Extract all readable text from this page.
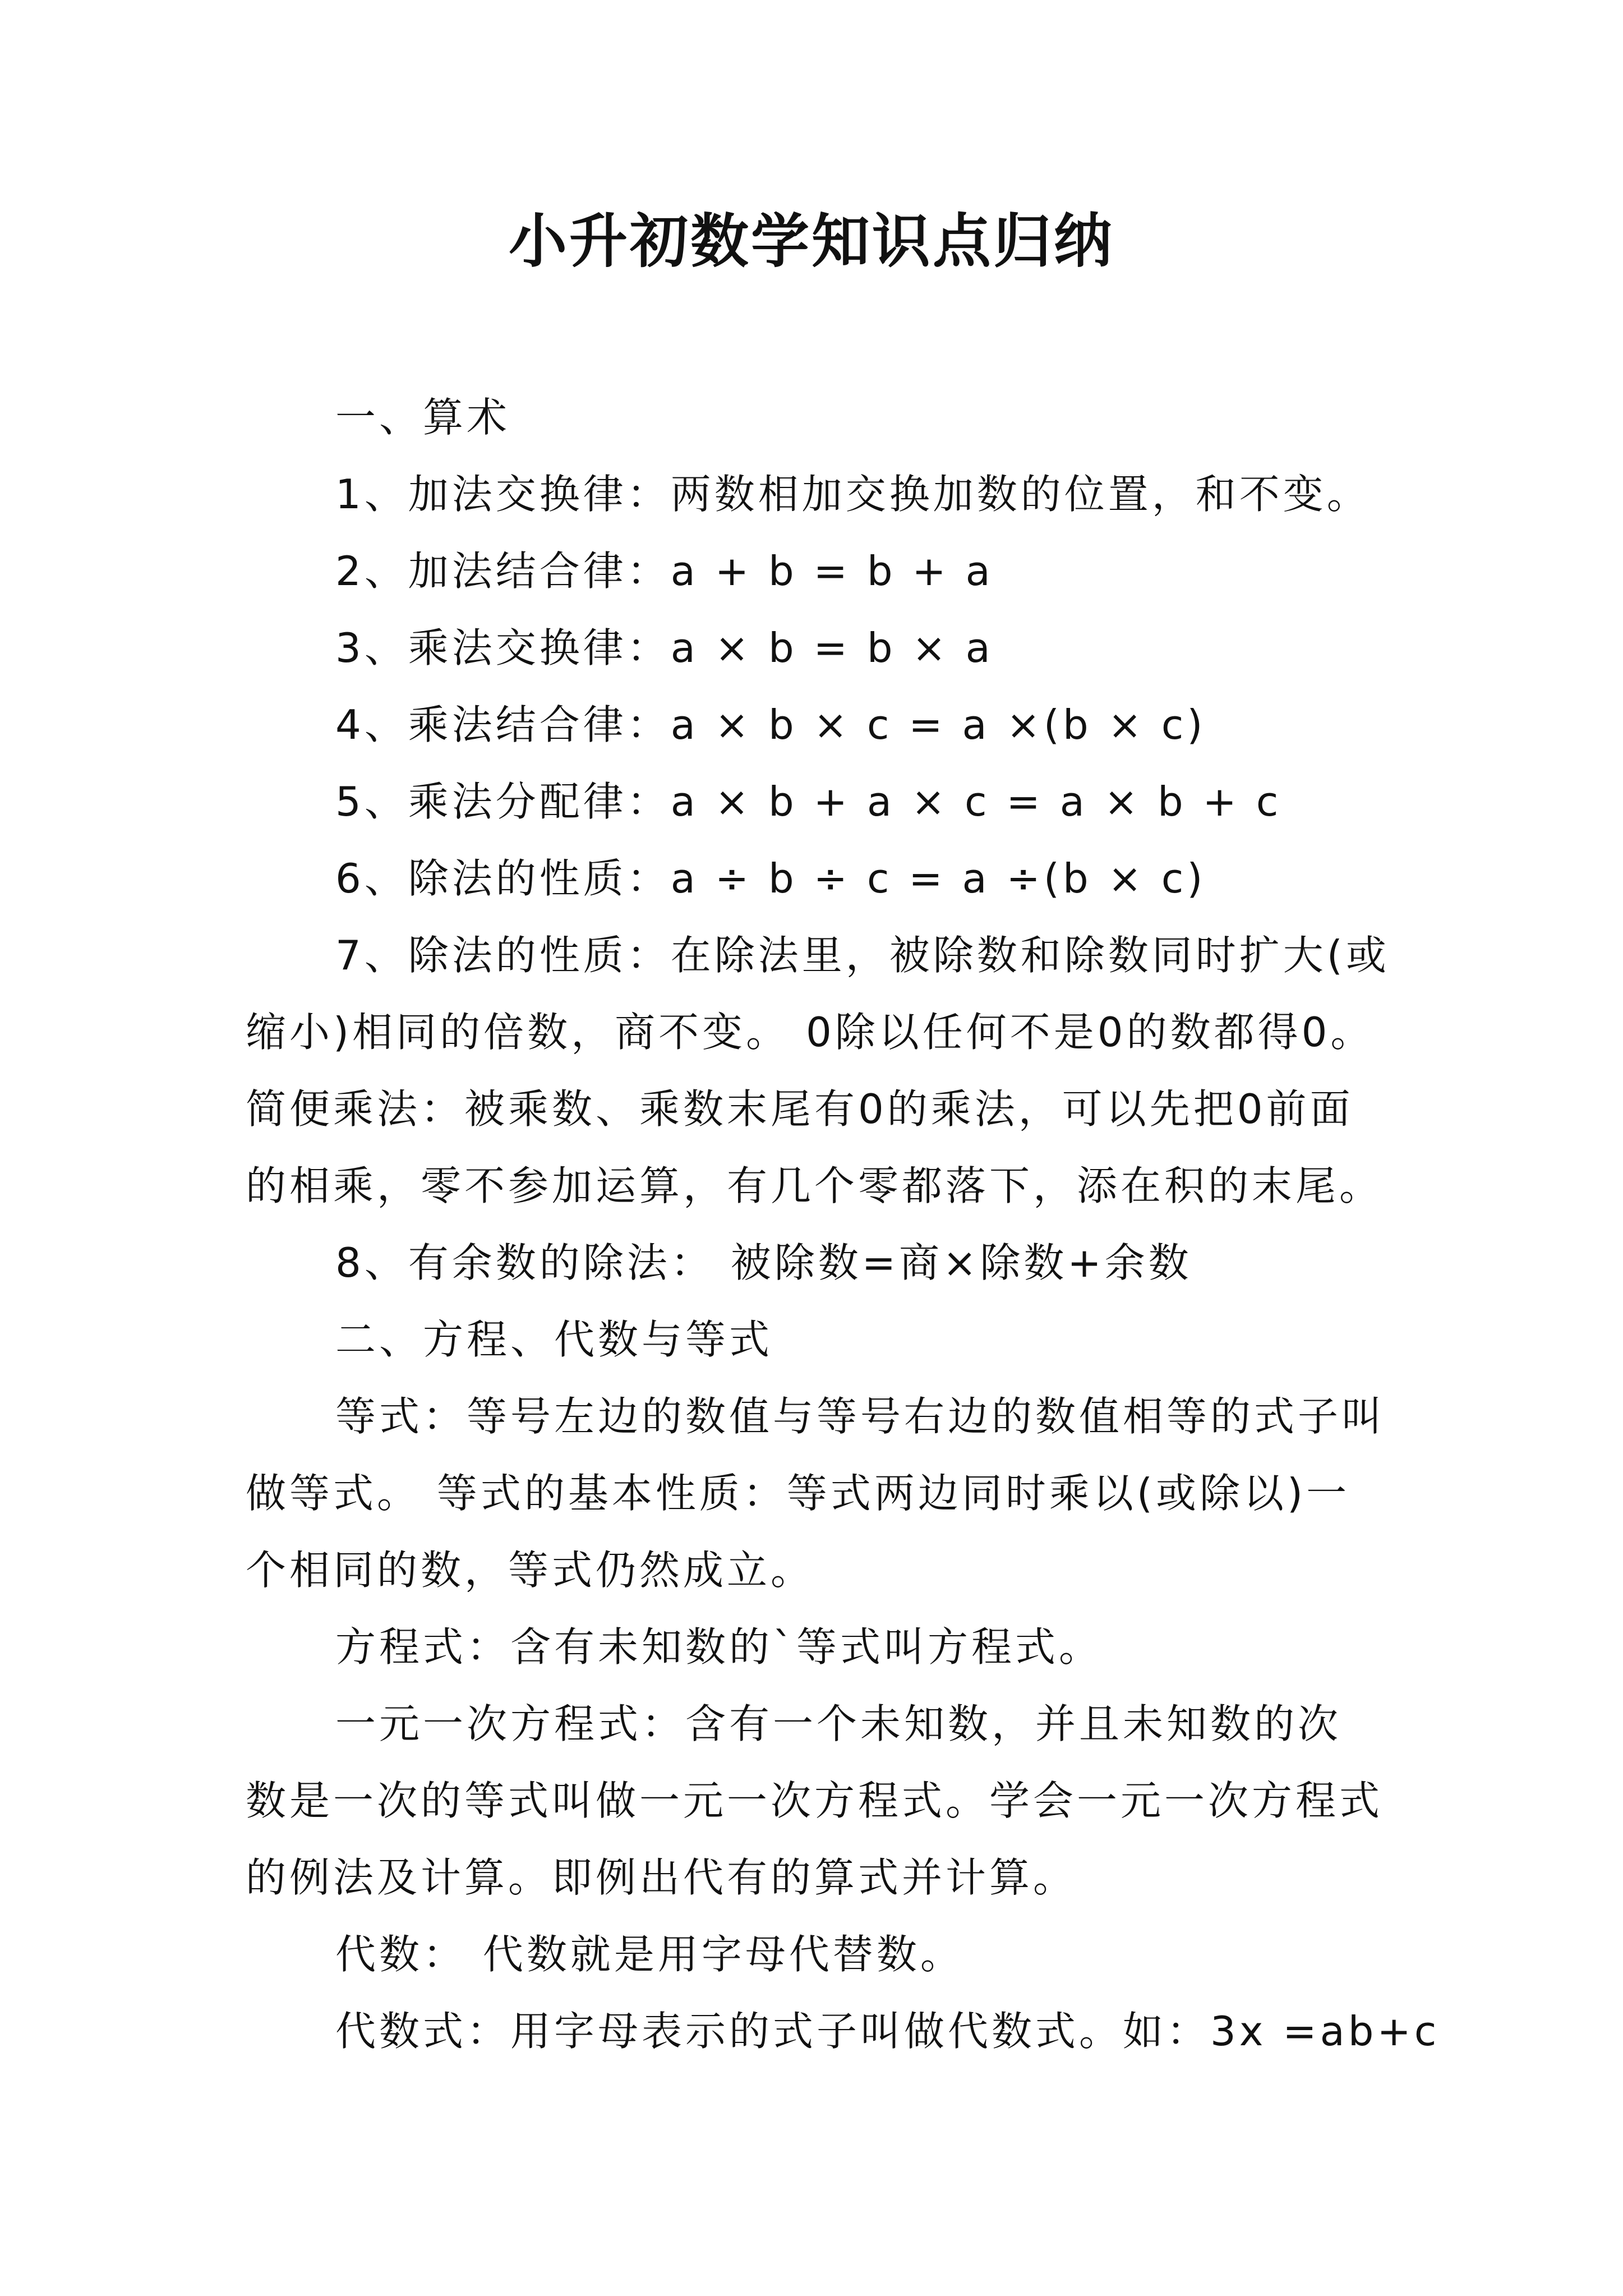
小升初数学知识点归纳
一、算术
1、加法交换律：两数相加交换加数的位置，和不变。
2、加法结合律：a + b = b + a
3、乘法交换律：a × b = b × a
4、乘法结合律：a × b × c = a ×(b × c)
5、乘法分配律：a × b + a × c = a × b + c
6、除法的性质：a ÷ b ÷ c = a ÷(b × c)
7、除法的性质：在除法里，被除数和除数同时扩大(或
缩小)相同的倍数，商不变。 0除以任何不是0的数都得0。
简便乘法：被乘数、乘数末尾有0的乘法，可以先把0前面
的相乘，零不参加运算，有几个零都落下，添在积的末尾。
8、有余数的除法： 被除数=商×除数+余数
二、方程、代数与等式
等式：等号左边的数值与等号右边的数值相等的式子叫
做等式。 等式的基本性质：等式两边同时乘以(或除以)一
个相同的数，等式仍然成立。
方程式：含有未知数的`等式叫方程式。
一元一次方程式：含有一个未知数，并且未知数的次
数是一次的等式叫做一元一次方程式。学会一元一次方程式
的例法及计算。即例出代有的算式并计算。
代数： 代数就是用字母代替数。
代数式：用字母表示的式子叫做代数式。如：3x =ab+c
